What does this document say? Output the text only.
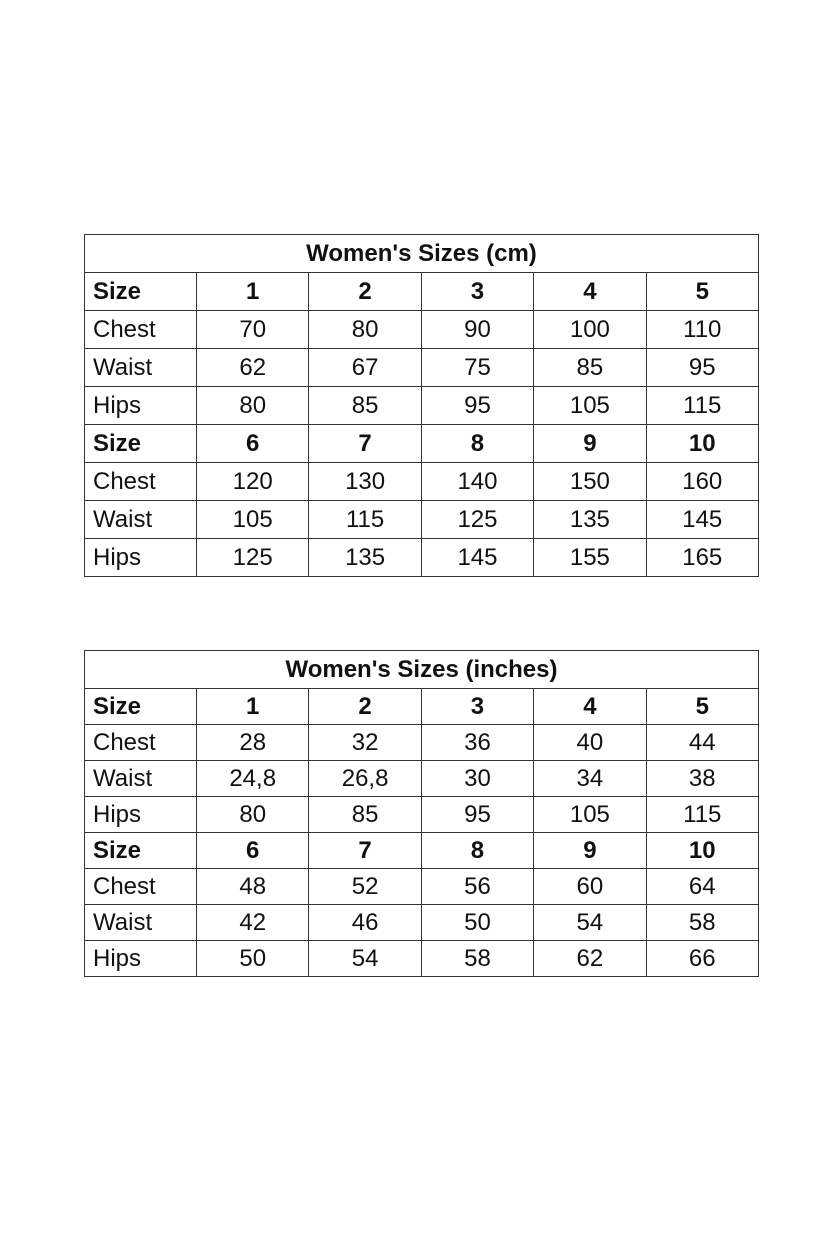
Women's Sizes (cm)					
Size	1	2	3	4	5
Chest	70	80	90	100	110
Waist	62	67	75	85	95
Hips	80	85	95	105	115
Size	6	7	8	9	10
Chest	120	130	140	150	160
Waist	105	115	125	135	145
Hips	125	135	145	155	165
Women's Sizes (inches)					
Size	1	2	3	4	5
Chest	28	32	36	40	44
Waist	24,8	26,8	30	34	38
Hips	80	85	95	105	115
Size	6	7	8	9	10
Chest	48	52	56	60	64
Waist	42	46	50	54	58
Hips	50	54	58	62	66
